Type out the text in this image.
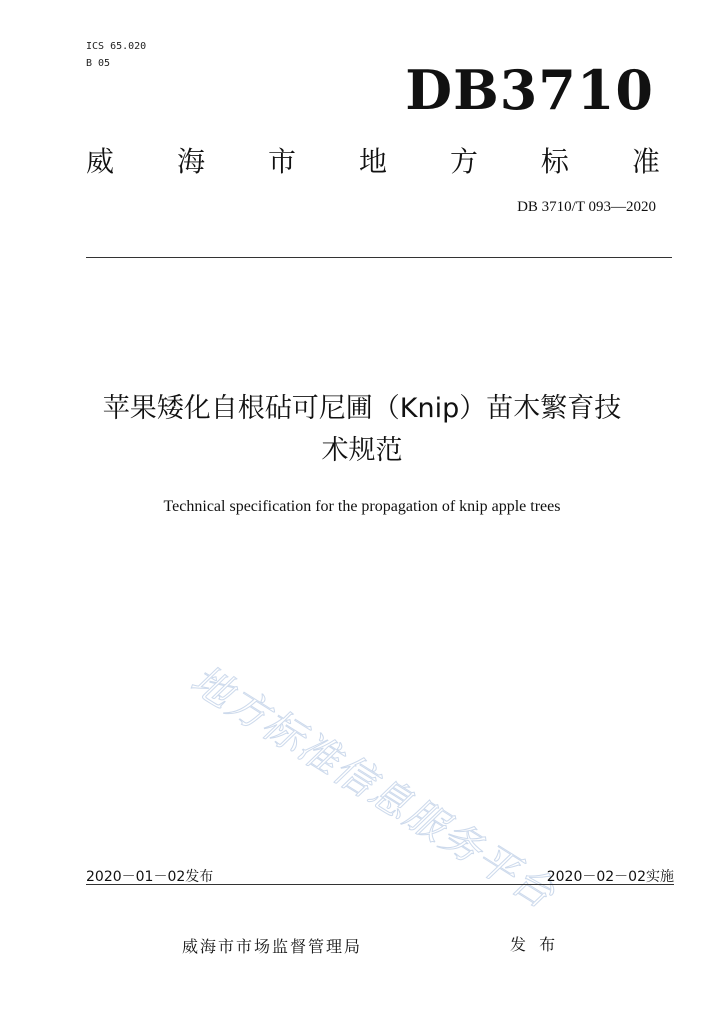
ICS 65.020
B 05	DB3710
威 海 市 地 方 标 准
DB 3710/T 093—2020
苹果矮化自根砧可尼圃（Knip）苗木繁育技
术规范
Technical specification for the propagation of knip apple trees
地方标准信息服务平台
2020－01－02发布	2020－02－02实施
威海市市场监督管理局	发 布
